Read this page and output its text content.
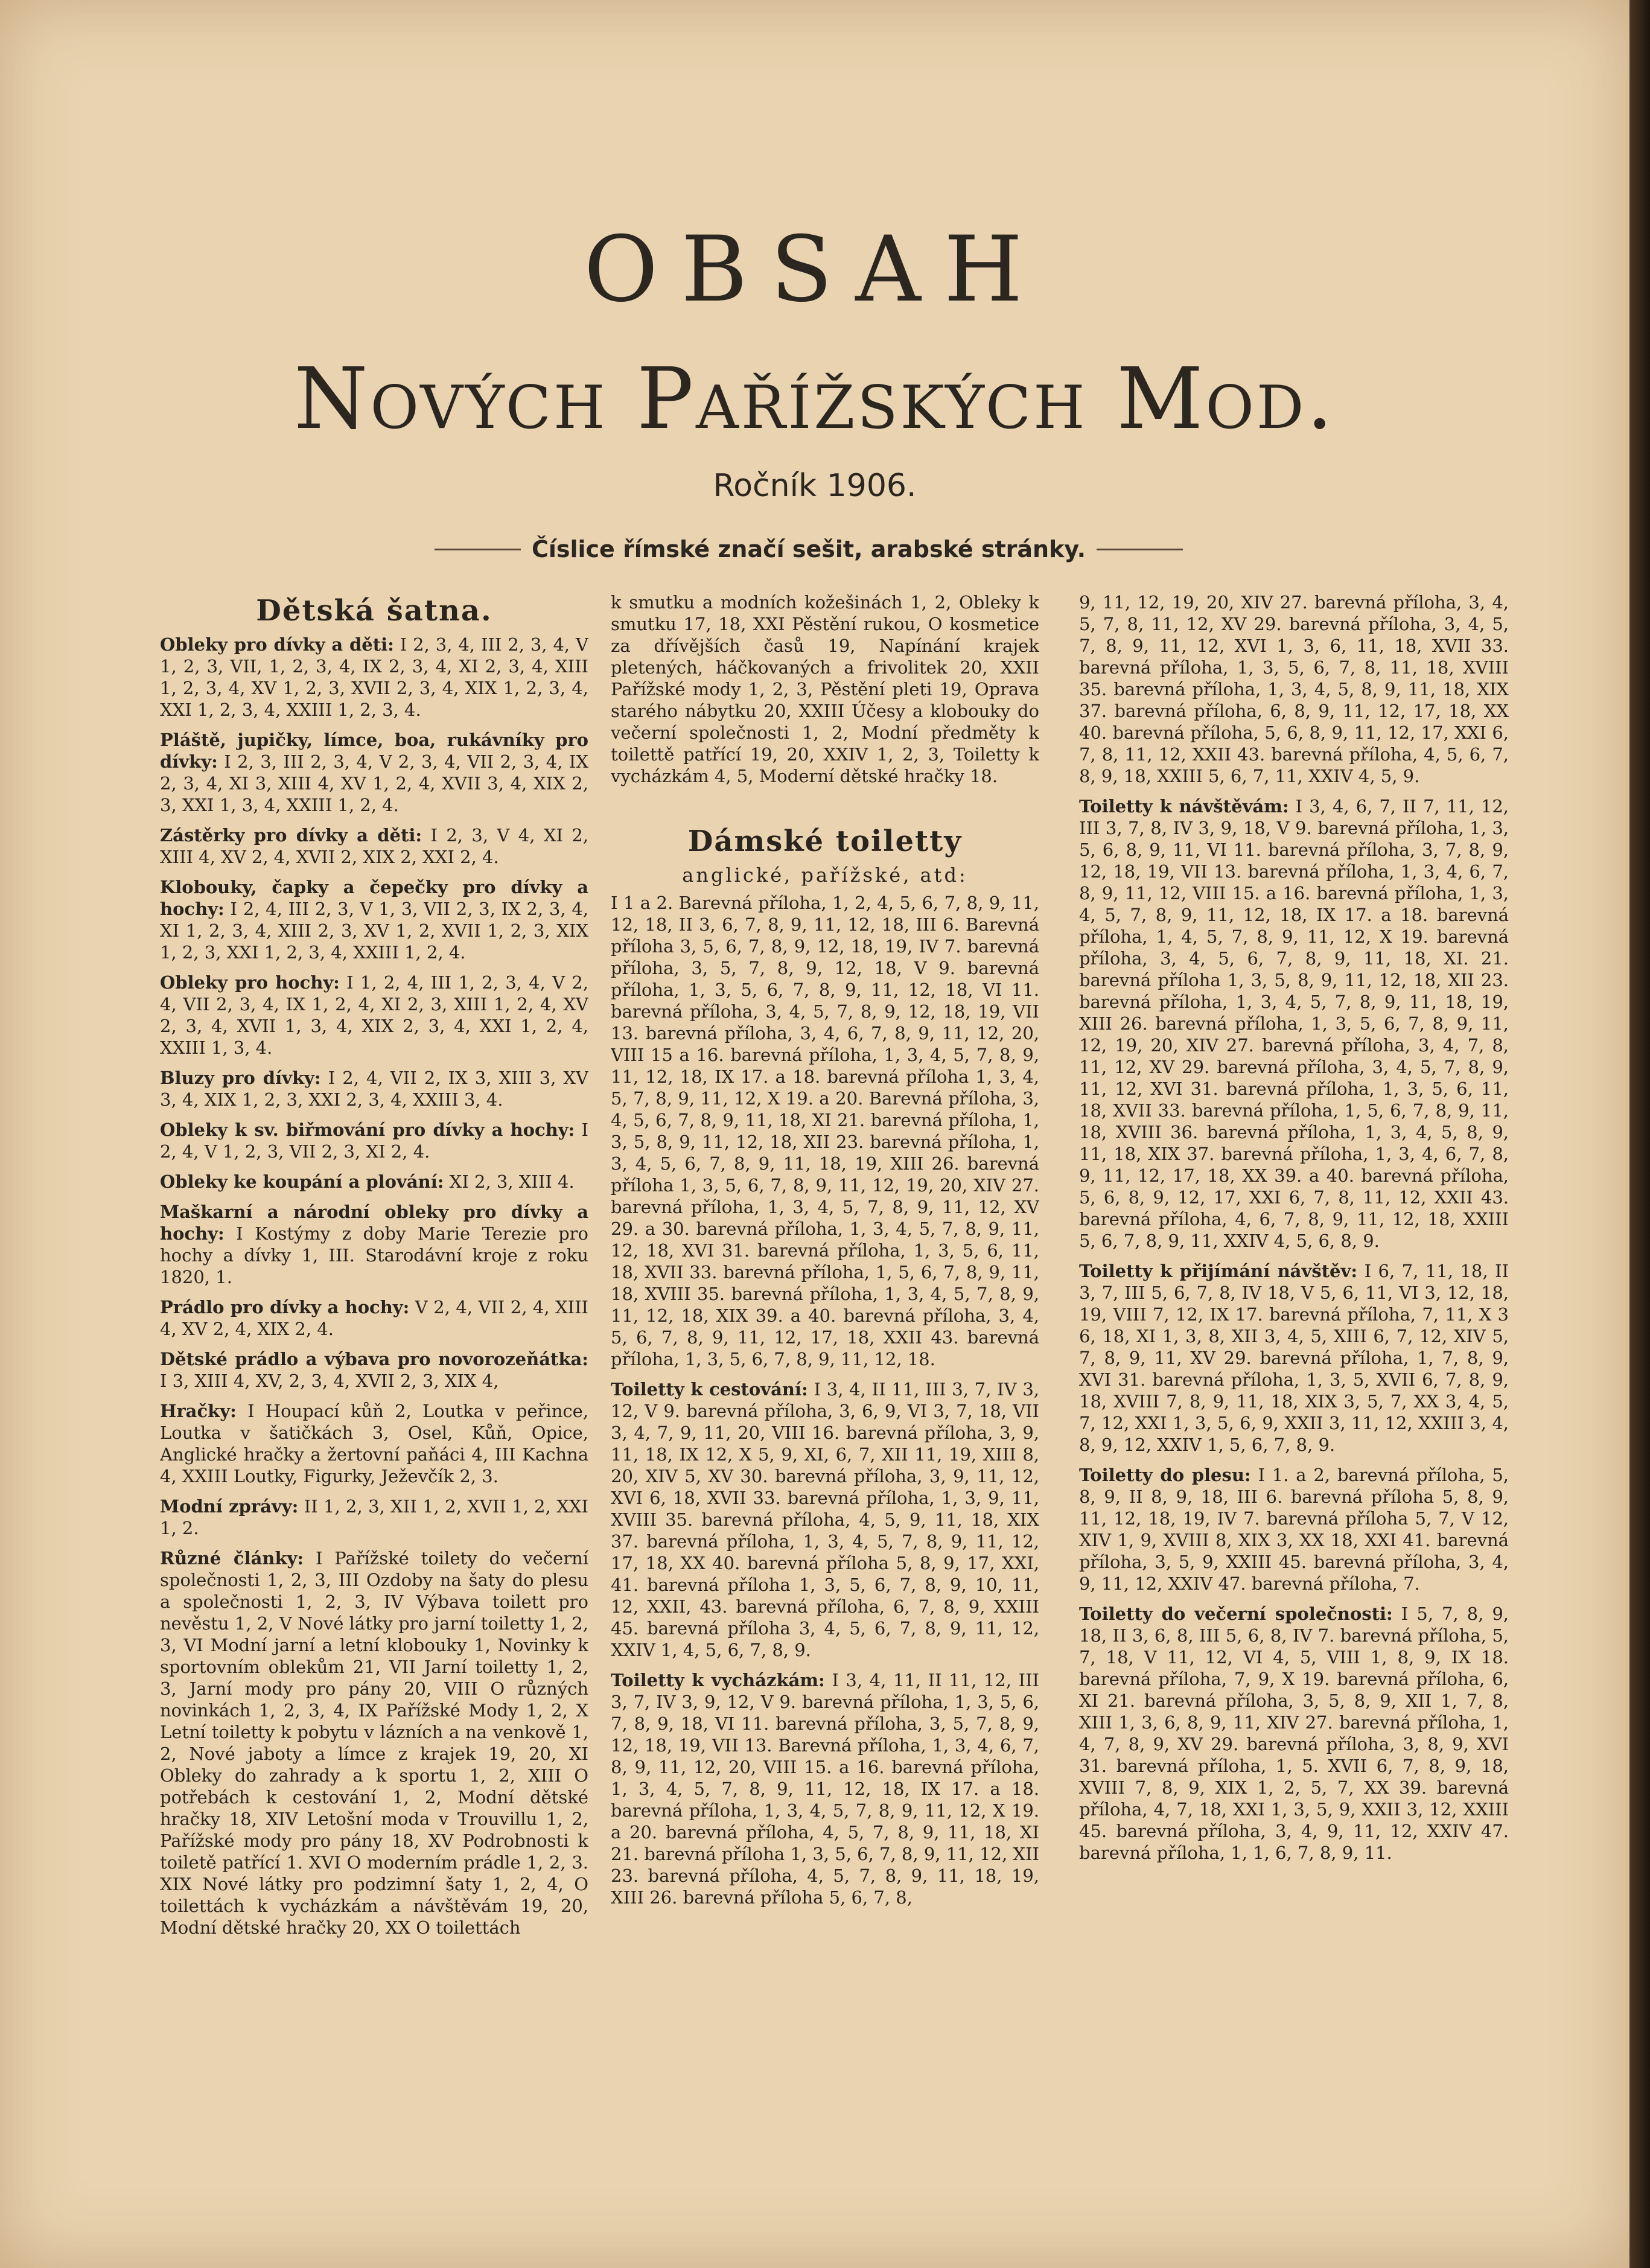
OBSAH
Nových Pařížských Mod.
Ročník 1906.
Číslice římské značí sešit, arabské stránky.
Dětská šatna.

Obleky pro dívky a děti: I 2, 3, 4, III 2, 3, 4, V 1, 2, 3, VII, 1, 2, 3, 4, IX 2, 3, 4, XI 2, 3, 4, XIII 1, 2, 3, 4, XV 1, 2, 3, XVII 2, 3, 4, XIX 1, 2, 3, 4, XXI 1, 2, 3, 4, XXIII 1, 2, 3, 4.

Pláště, jupičky, límce, boa, rukávníky pro dívky: I 2, 3, III 2, 3, 4, V 2, 3, 4, VII 2, 3, 4, IX 2, 3, 4, XI 3, XIII 4, XV 1, 2, 4, XVII 3, 4, XIX 2, 3, XXI 1, 3, 4, XXIII 1, 2, 4.

Zástěrky pro dívky a děti: I 2, 3, V 4, XI 2, XIII 4, XV 2, 4, XVII 2, XIX 2, XXI 2, 4.

Klobouky, čapky a čepečky pro dívky a hochy: I 2, 4, III 2, 3, V 1, 3, VII 2, 3, IX 2, 3, 4, XI 1, 2, 3, 4, XIII 2, 3, XV 1, 2, XVII 1, 2, 3, XIX 1, 2, 3, XXI 1, 2, 3, 4, XXIII 1, 2, 4.

Obleky pro hochy: I 1, 2, 4, III 1, 2, 3, 4, V 2, 4, VII 2, 3, 4, IX 1, 2, 4, XI 2, 3, XIII 1, 2, 4, XV 2, 3, 4, XVII 1, 3, 4, XIX 2, 3, 4, XXI 1, 2, 4, XXIII 1, 3, 4.

Bluzy pro dívky: I 2, 4, VII 2, IX 3, XIII 3, XV 3, 4, XIX 1, 2, 3, XXI 2, 3, 4, XXIII 3, 4.

Obleky k sv. biřmování pro dívky a hochy: I 2, 4, V 1, 2, 3, VII 2, 3, XI 2, 4.

Obleky ke koupání a plování: XI 2, 3, XIII 4.

Maškarní a národní obleky pro dívky a hochy: I Kostýmy z doby Marie Terezie pro hochy a dívky 1, III. Starodávní kroje z roku 1820, 1.

Prádlo pro dívky a hochy: V 2, 4, VII 2, 4, XIII 4, XV 2, 4, XIX 2, 4.

Dětské prádlo a výbava pro novorozeňátka: I 3, XIII 4, XV, 2, 3, 4, XVII 2, 3, XIX 4,

Hračky: I Houpací kůň 2, Loutka v peřince, Loutka v šatičkách 3, Osel, Kůň, Opice, Anglické hračky a žertovní paňáci 4, III Kachna 4, XXIII Loutky, Figurky, Ježevčík 2, 3.

Modní zprávy: II 1, 2, 3, XII 1, 2, XVII 1, 2, XXI 1, 2.

Různé články: I Pařížské toilety do večerní společnosti 1, 2, 3, III Ozdoby na šaty do plesu a společnosti 1, 2, 3, IV Výbava toilett pro nevěstu 1, 2, V Nové látky pro jarní toiletty 1, 2, 3, VI Modní jarní a letní klobouky 1, Novinky k sportovním oblekům 21, VII Jarní toiletty 1, 2, 3, Jarní mody pro pány 20, VIII O různých novinkách 1, 2, 3, 4, IX Pařížské Mody 1, 2, X Letní toiletty k pobytu v lázních a na venkově 1, 2, Nové jaboty a límce z krajek 19, 20, XI Obleky do zahrady a k sportu 1, 2, XIII O potřebách k cestování 1, 2, Modní dětské hračky 18, XIV Letošní moda v Trouvillu 1, 2, Pařížské mody pro pány 18, XV Podrobnosti k toiletě patřící 1. XVI O moderním prádle 1, 2, 3. XIX Nové látky pro podzimní šaty 1, 2, 4, O toilettách k vycházkám a návštěvám 19, 20, Modní dětské hračky 20, XX O toilettách

k smutku a modních kožešinách 1, 2, Obleky k smutku 17, 18, XXI Pěstění rukou, O kosmetice za dřívějších časů 19, Napínání krajek pletených, háčkovaných a frivolitek 20, XXII Pařížské mody 1, 2, 3, Pěstění pleti 19, Oprava starého nábytku 20, XXIII Účesy a klobouky do večerní společnosti 1, 2, Modní předměty k toilettě patřící 19, 20, XXIV 1, 2, 3, Toiletty k vycházkám 4, 5, Moderní dětské hračky 18.

Dámské toiletty
anglické, pařížské, atd:

I 1 a 2. Barevná příloha, 1, 2, 4, 5, 6, 7, 8, 9, 11, 12, 18, II 3, 6, 7, 8, 9, 11, 12, 18, III 6. Barevná příloha 3, 5, 6, 7, 8, 9, 12, 18, 19, IV 7. barevná příloha, 3, 5, 7, 8, 9, 12, 18, V 9. barevná příloha, 1, 3, 5, 6, 7, 8, 9, 11, 12, 18, VI 11. barevná příloha, 3, 4, 5, 7, 8, 9, 12, 18, 19, VII 13. barevná příloha, 3, 4, 6, 7, 8, 9, 11, 12, 20, VIII 15 a 16. barevná příloha, 1, 3, 4, 5, 7, 8, 9, 11, 12, 18, IX 17. a 18. barevná příloha 1, 3, 4, 5, 7, 8, 9, 11, 12, X 19. a 20. Barevná příloha, 3, 4, 5, 6, 7, 8, 9, 11, 18, XI 21. barevná příloha, 1, 3, 5, 8, 9, 11, 12, 18, XII 23. barevná příloha, 1, 3, 4, 5, 6, 7, 8, 9, 11, 18, 19, XIII 26. barevná příloha 1, 3, 5, 6, 7, 8, 9, 11, 12, 19, 20, XIV 27. barevná příloha, 1, 3, 4, 5, 7, 8, 9, 11, 12, XV 29. a 30. barevná příloha, 1, 3, 4, 5, 7, 8, 9, 11, 12, 18, XVI 31. barevná příloha, 1, 3, 5, 6, 11, 18, XVII 33. barevná příloha, 1, 5, 6, 7, 8, 9, 11, 18, XVIII 35. barevná příloha, 1, 3, 4, 5, 7, 8, 9, 11, 12, 18, XIX 39. a 40. barevná příloha, 3, 4, 5, 6, 7, 8, 9, 11, 12, 17, 18, XXII 43. barevná příloha, 1, 3, 5, 6, 7, 8, 9, 11, 12, 18.

Toiletty k cestování: I 3, 4, II 11, III 3, 7, IV 3, 12, V 9. barevná příloha, 3, 6, 9, VI 3, 7, 18, VII 3, 4, 7, 9, 11, 20, VIII 16. barevná příloha, 3, 9, 11, 18, IX 12, X 5, 9, XI, 6, 7, XII 11, 19, XIII 8, 20, XIV 5, XV 30. barevná příloha, 3, 9, 11, 12, XVI 6, 18, XVII 33. barevná příloha, 1, 3, 9, 11, XVIII 35. barevná příloha, 4, 5, 9, 11, 18, XIX 37. barevná příloha, 1, 3, 4, 5, 7, 8, 9, 11, 12, 17, 18, XX 40. barevná příloha 5, 8, 9, 17, XXI, 41. barevná příloha 1, 3, 5, 6, 7, 8, 9, 10, 11, 12, XXII, 43. barevná příloha, 6, 7, 8, 9, XXIII 45. barevná příloha 3, 4, 5, 6, 7, 8, 9, 11, 12, XXIV 1, 4, 5, 6, 7, 8, 9.

Toiletty k vycházkám: I 3, 4, 11, II 11, 12, III 3, 7, IV 3, 9, 12, V 9. barevná příloha, 1, 3, 5, 6, 7, 8, 9, 18, VI 11. barevná příloha, 3, 5, 7, 8, 9, 12, 18, 19, VII 13. Barevná příloha, 1, 3, 4, 6, 7, 8, 9, 11, 12, 20, VIII 15. a 16. barevná příloha, 1, 3, 4, 5, 7, 8, 9, 11, 12, 18, IX 17. a 18. barevná příloha, 1, 3, 4, 5, 7, 8, 9, 11, 12, X 19. a 20. barevná příloha, 4, 5, 7, 8, 9, 11, 18, XI 21. barevná příloha 1, 3, 5, 6, 7, 8, 9, 11, 12, XII 23. barevná příloha, 4, 5, 7, 8, 9, 11, 18, 19, XIII 26. barevná příloha 5, 6, 7, 8,

9, 11, 12, 19, 20, XIV 27. barevná příloha, 3, 4, 5, 7, 8, 11, 12, XV 29. barevná příloha, 3, 4, 5, 7, 8, 9, 11, 12, XVI 1, 3, 6, 11, 18, XVII 33. barevná příloha, 1, 3, 5, 6, 7, 8, 11, 18, XVIII 35. barevná příloha, 1, 3, 4, 5, 8, 9, 11, 18, XIX 37. barevná příloha, 6, 8, 9, 11, 12, 17, 18, XX 40. barevná příloha, 5, 6, 8, 9, 11, 12, 17, XXI 6, 7, 8, 11, 12, XXII 43. barevná příloha, 4, 5, 6, 7, 8, 9, 18, XXIII 5, 6, 7, 11, XXIV 4, 5, 9.

Toiletty k návštěvám: I 3, 4, 6, 7, II 7, 11, 12, III 3, 7, 8, IV 3, 9, 18, V 9. barevná příloha, 1, 3, 5, 6, 8, 9, 11, VI 11. barevná příloha, 3, 7, 8, 9, 12, 18, 19, VII 13. barevná příloha, 1, 3, 4, 6, 7, 8, 9, 11, 12, VIII 15. a 16. barevná příloha, 1, 3, 4, 5, 7, 8, 9, 11, 12, 18, IX 17. a 18. barevná příloha, 1, 4, 5, 7, 8, 9, 11, 12, X 19. barevná příloha, 3, 4, 5, 6, 7, 8, 9, 11, 18, XI. 21. barevná příloha 1, 3, 5, 8, 9, 11, 12, 18, XII 23. barevná příloha, 1, 3, 4, 5, 7, 8, 9, 11, 18, 19, XIII 26. barevná příloha, 1, 3, 5, 6, 7, 8, 9, 11, 12, 19, 20, XIV 27. barevná příloha, 3, 4, 7, 8, 11, 12, XV 29. barevná příloha, 3, 4, 5, 7, 8, 9, 11, 12, XVI 31. barevná příloha, 1, 3, 5, 6, 11, 18, XVII 33. barevná příloha, 1, 5, 6, 7, 8, 9, 11, 18, XVIII 36. barevná příloha, 1, 3, 4, 5, 8, 9, 11, 18, XIX 37. barevná příloha, 1, 3, 4, 6, 7, 8, 9, 11, 12, 17, 18, XX 39. a 40. barevná příloha, 5, 6, 8, 9, 12, 17, XXI 6, 7, 8, 11, 12, XXII 43. barevná příloha, 4, 6, 7, 8, 9, 11, 12, 18, XXIII 5, 6, 7, 8, 9, 11, XXIV 4, 5, 6, 8, 9.

Toiletty k přijímání návštěv: I 6, 7, 11, 18, II 3, 7, III 5, 6, 7, 8, IV 18, V 5, 6, 11, VI 3, 12, 18, 19, VIII 7, 12, IX 17. barevná příloha, 7, 11, X 3 6, 18, XI 1, 3, 8, XII 3, 4, 5, XIII 6, 7, 12, XIV 5, 7, 8, 9, 11, XV 29. barevná příloha, 1, 7, 8, 9, XVI 31. barevná příloha, 1, 3, 5, XVII 6, 7, 8, 9, 18, XVIII 7, 8, 9, 11, 18, XIX 3, 5, 7, XX 3, 4, 5, 7, 12, XXI 1, 3, 5, 6, 9, XXII 3, 11, 12, XXIII 3, 4, 8, 9, 12, XXIV 1, 5, 6, 7, 8, 9.

Toiletty do plesu: I 1. a 2, barevná příloha, 5, 8, 9, II 8, 9, 18, III 6. barevná příloha 5, 8, 9, 11, 12, 18, 19, IV 7. barevná příloha 5, 7, V 12, XIV 1, 9, XVIII 8, XIX 3, XX 18, XXI 41. barevná příloha, 3, 5, 9, XXIII 45. barevná příloha, 3, 4, 9, 11, 12, XXIV 47. barevná příloha, 7.

Toiletty do večerní společnosti: I 5, 7, 8, 9, 18, II 3, 6, 8, III 5, 6, 8, IV 7. barevná příloha, 5, 7, 18, V 11, 12, VI 4, 5, VIII 1, 8, 9, IX 18. barevná příloha, 7, 9, X 19. barevná příloha, 6, XI 21. barevná příloha, 3, 5, 8, 9, XII 1, 7, 8, XIII 1, 3, 6, 8, 9, 11, XIV 27. barevná příloha, 1, 4, 7, 8, 9, XV 29. barevná příloha, 3, 8, 9, XVI 31. barevná příloha, 1, 5. XVII 6, 7, 8, 9, 18, XVIII 7, 8, 9, XIX 1, 2, 5, 7, XX 39. barevná příloha, 4, 7, 18, XXI 1, 3, 5, 9, XXII 3, 12, XXIII 45. barevná příloha, 3, 4, 9, 11, 12, XXIV 47. barevná příloha, 1, 1, 6, 7, 8, 9, 11.
